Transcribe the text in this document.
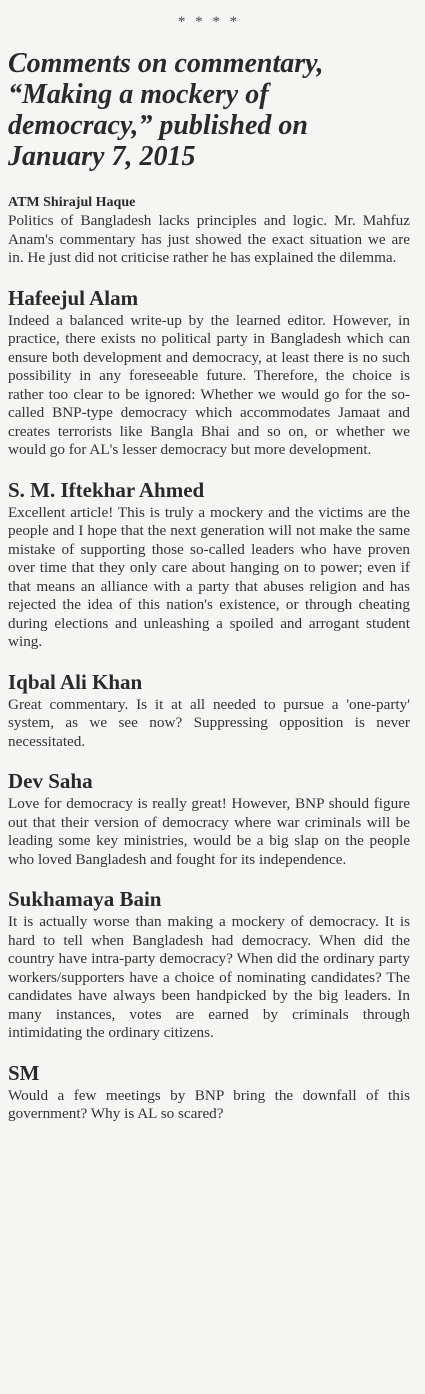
* * * *
Comments on commentary, “Making a mockery of democracy,” published on January 7, 2015
ATM Shirajul Haque

Politics of Bangladesh lacks principles and logic. Mr. Mahfuz Anam's commentary has just showed the exact situation we are in. He just did not criticise rather he has explained the dilemma.

Hafeejul Alam

Indeed a balanced write-up by the learned editor. However, in practice, there exists no political party in Bangladesh which can ensure both development and democracy, at least there is no such possibility in any foreseeable future. Therefore, the choice is rather too clear to be ignored: Whether we would go for the so-called BNP-type democracy which accommodates Jamaat and creates terrorists like Bangla Bhai and so on, or whether we would go for AL's lesser democracy but more development.

S. M. Iftekhar Ahmed

Excellent article! This is truly a mockery and the victims are the people and I hope that the next generation will not make the same mistake of supporting those so-called leaders who have proven over time that they only care about hanging on to power; even if that means an alliance with a party that abuses religion and has rejected the idea of this nation's existence, or through cheating during elections and unleashing a spoiled and arrogant student wing.

Iqbal Ali Khan

Great commentary. Is it at all needed to pursue a 'one-party' system, as we see now? Suppressing opposition is never necessitated.

Dev Saha

Love for democracy is really great! However, BNP should figure out that their version of democracy where war criminals will be leading some key ministries, would be a big slap on the people who loved Bangladesh and fought for its independence.

Sukhamaya Bain

It is actually worse than making a mockery of democracy. It is hard to tell when Bangladesh had democracy. When did the country have intra-party democracy? When did the ordinary party workers/supporters have a choice of nominating candidates? The candidates have always been handpicked by the big leaders. In many instances, votes are earned by criminals through intimidating the ordinary citizens.

SM

Would a few meetings by BNP bring the downfall of this government? Why is AL so scared?
